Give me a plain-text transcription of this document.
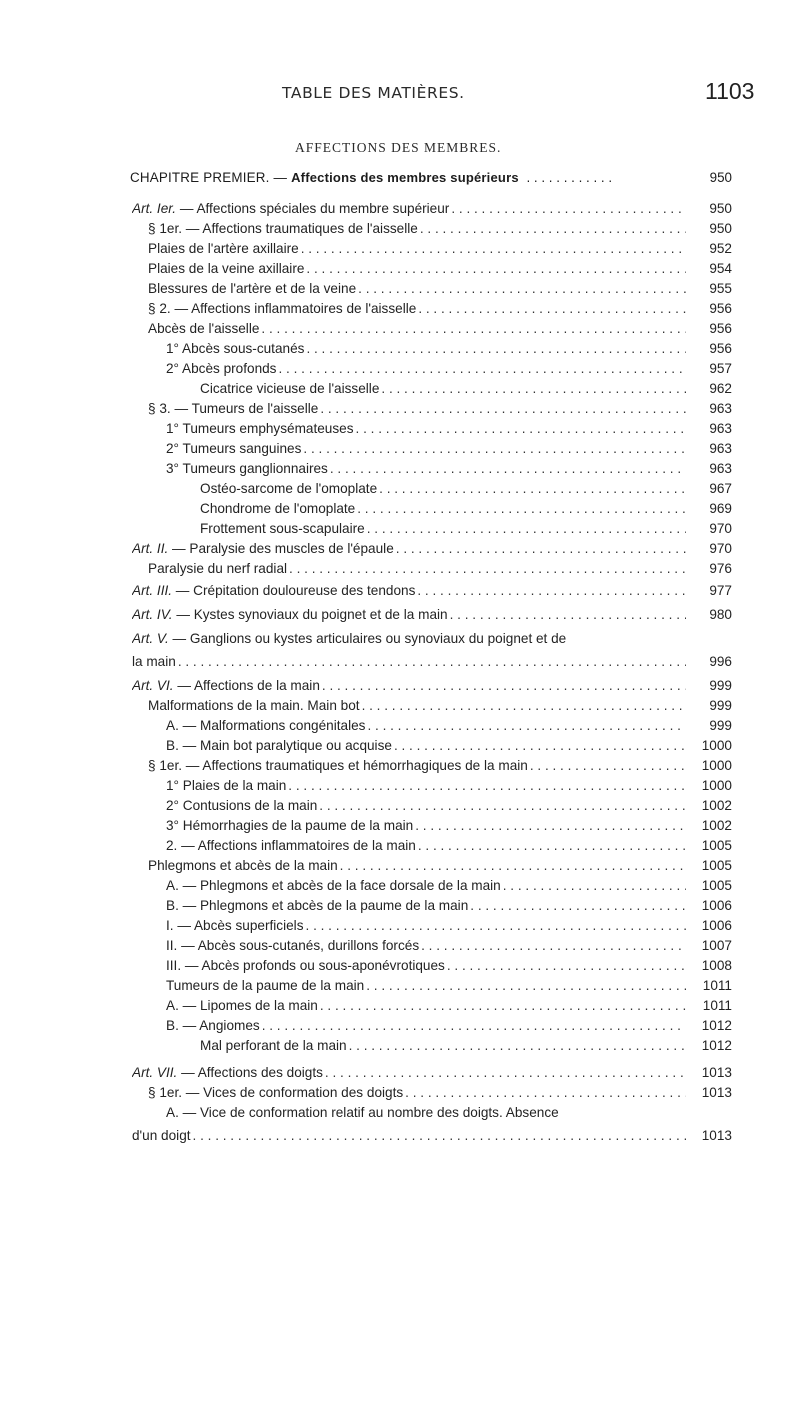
TABLE DES MATIÈRES.	1103
AFFECTIONS DES MEMBRES.
CHAPITRE PREMIER. — Affections des membres supérieurs . . . . . . . . . . . .	950
Art. Ier. — Affections spéciales du membre supérieur . . .	950
§ 1er. — Affections traumatiques de l'aisselle . . .	950
Plaies de l'artère axillaire . . .	952
Plaies de la veine axillaire . . .	954
Blessures de l'artère et de la veine . . .	955
§ 2. — Affections inflammatoires de l'aisselle . . .	956
Abcès de l'aisselle . . .	956
1° Abcès sous-cutanés . . .	956
2° Abcès profonds . . .	957
Cicatrice vicieuse de l'aisselle . . .	962
§ 3. — Tumeurs de l'aisselle . . .	963
1° Tumeurs emphysémateuses . . .	963
2° Tumeurs sanguines . . .	963
3° Tumeurs ganglionnaires . . .	963
Ostéo-sarcome de l'omoplate . . .	967
Chondrome de l'omoplate . . .	969
Frottement sous-scapulaire . . .	970
Art. II. — Paralysie des muscles de l'épaule . . .	970
Paralysie du nerf radial . . .	976
Art. III. — Crépitation douloureuse des tendons . . .	977
Art. IV. — Kystes synoviaux du poignet et de la main . . .	980
Art. V. — Ganglions ou kystes articulaires ou synoviaux du poignet et de
la main . . .	996
Art. VI. — Affections de la main . . .	999
Malformations de la main. Main bot . . .	999
A. — Malformations congénitales . . .	999
B. — Main bot paralytique ou acquise . . .	1000
§ 1er. — Affections traumatiques et hémorrhagiques de la main . . .	1000
1° Plaies de la main . . .	1000
2° Contusions de la main . . .	1002
3° Hémorrhagies de la paume de la main . . .	1002
2. — Affections inflammatoires de la main . . .	1005
Phlegmons et abcès de la main . . .	1005
A. — Phlegmons et abcès de la face dorsale de la main . . .	1005
B. — Phlegmons et abcès de la paume de la main . . .	1006
I. — Abcès superficiels . . .	1006
II. — Abcès sous-cutanés, durillons forcés . . .	1007
III. — Abcès profonds ou sous-aponévrotiques . . .	1008
Tumeurs de la paume de la main . . .	1011
A. — Lipomes de la main . . .	1011
B. — Angiomes . . .	1012
Mal perforant de la main . . .	1012
Art. VII. — Affections des doigts . . .	1013
§ 1er. — Vices de conformation des doigts . . .	1013
A. — Vice de conformation relatif au nombre des doigts. Absence
d'un doigt . . .	1013
